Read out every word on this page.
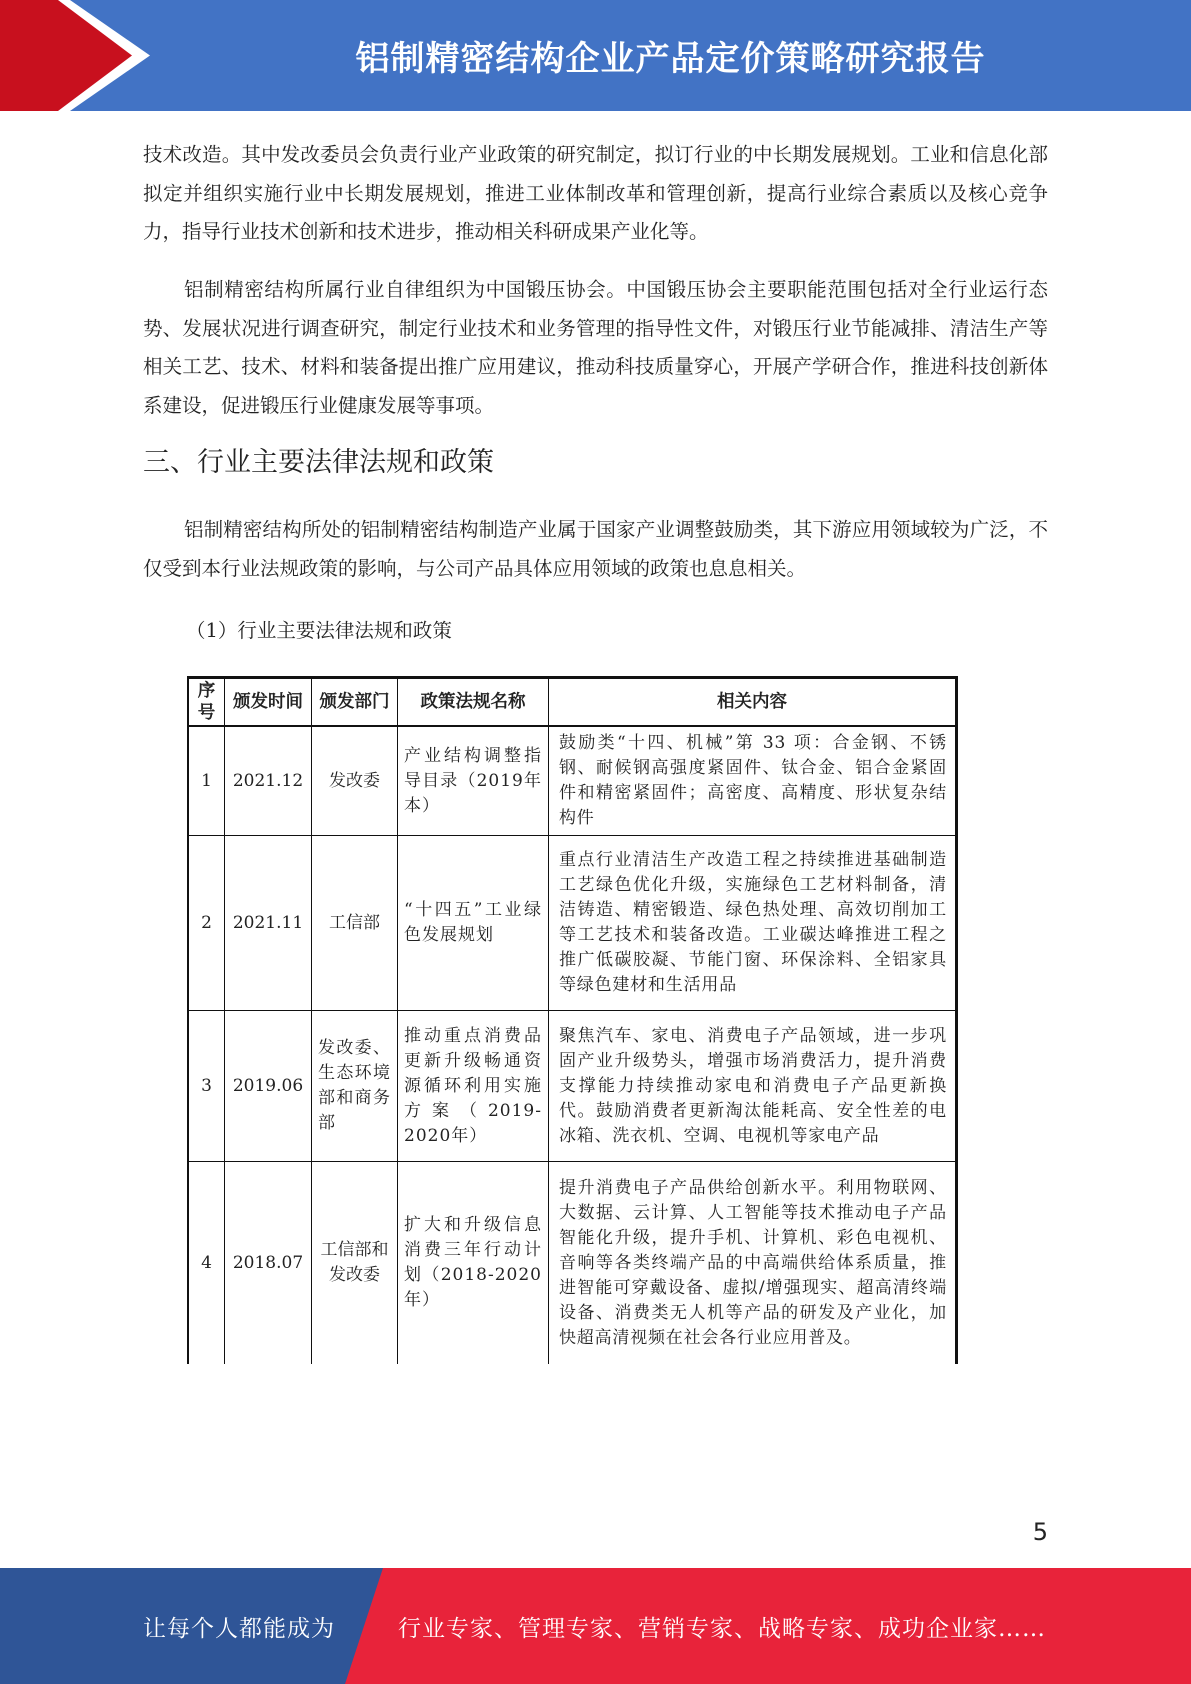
铝制精密结构企业产品定价策略研究报告

技术改造。其中发改委员会负责行业产业政策的研究制定，拟订行业的中长期发展规划。工业和信息化部拟定并组织实施行业中长期发展规划，推进工业体制改革和管理创新，提高行业综合素质以及核心竞争力，指导行业技术创新和技术进步，推动相关科研成果产业化等。

铝制精密结构所属行业自律组织为中国锻压协会。中国锻压协会主要职能范围包括对全行业运行态势、发展状况进行调查研究，制定行业技术和业务管理的指导性文件，对锻压行业节能减排、清洁生产等相关工艺、技术、材料和装备提出推广应用建议，推动科技质量穿心，开展产学研合作，推进科技创新体系建设，促进锻压行业健康发展等事项。

三、行业主要法律法规和政策

铝制精密结构所处的铝制精密结构制造产业属于国家产业调整鼓励类，其下游应用领域较为广泛，不仅受到本行业法规政策的影响，与公司产品具体应用领域的政策也息息相关。

（1）行业主要法律法规和政策

序号	颁发时间	颁发部门	政策法规名称	相关内容
1	2021.12	发改委	产业结构调整指导目录（2019年本）	鼓励类“十四、机械”第 33 项：合金钢、不锈钢、耐候钢高强度紧固件、钛合金、铝合金紧固件和精密紧固件；高密度、高精度、形状复杂结构件
2	2021.11	工信部	“十四五”工业绿色发展规划	重点行业清洁生产改造工程之持续推进基础制造工艺绿色优化升级，实施绿色工艺材料制备，清洁铸造、精密锻造、绿色热处理、高效切削加工等工艺技术和装备改造。工业碳达峰推进工程之推广低碳胶凝、节能门窗、环保涂料、全铝家具等绿色建材和生活用品
3	2019.06	发改委、生态环境部和商务部	推动重点消费品更新升级畅通资源循环利用实施方案（2019-2020年）	聚焦汽车、家电、消费电子产品领域，进一步巩固产业升级势头，增强市场消费活力，提升消费支撑能力持续推动家电和消费电子产品更新换代。鼓励消费者更新淘汰能耗高、安全性差的电冰箱、洗衣机、空调、电视机等家电产品
4	2018.07	工信部和发改委	扩大和升级信息消费三年行动计划（2018-2020年）	提升消费电子产品供给创新水平。利用物联网、大数据、云计算、人工智能等技术推动电子产品智能化升级，提升手机、计算机、彩色电视机、音响等各类终端产品的中高端供给体系质量，推进智能可穿戴设备、虚拟/增强现实、超高清终端设备、消费类无人机等产品的研发及产业化，加快超高清视频在社会各行业应用普及。
5
让每个人都能成为	行业专家、管理专家、营销专家、战略专家、成功企业家……
